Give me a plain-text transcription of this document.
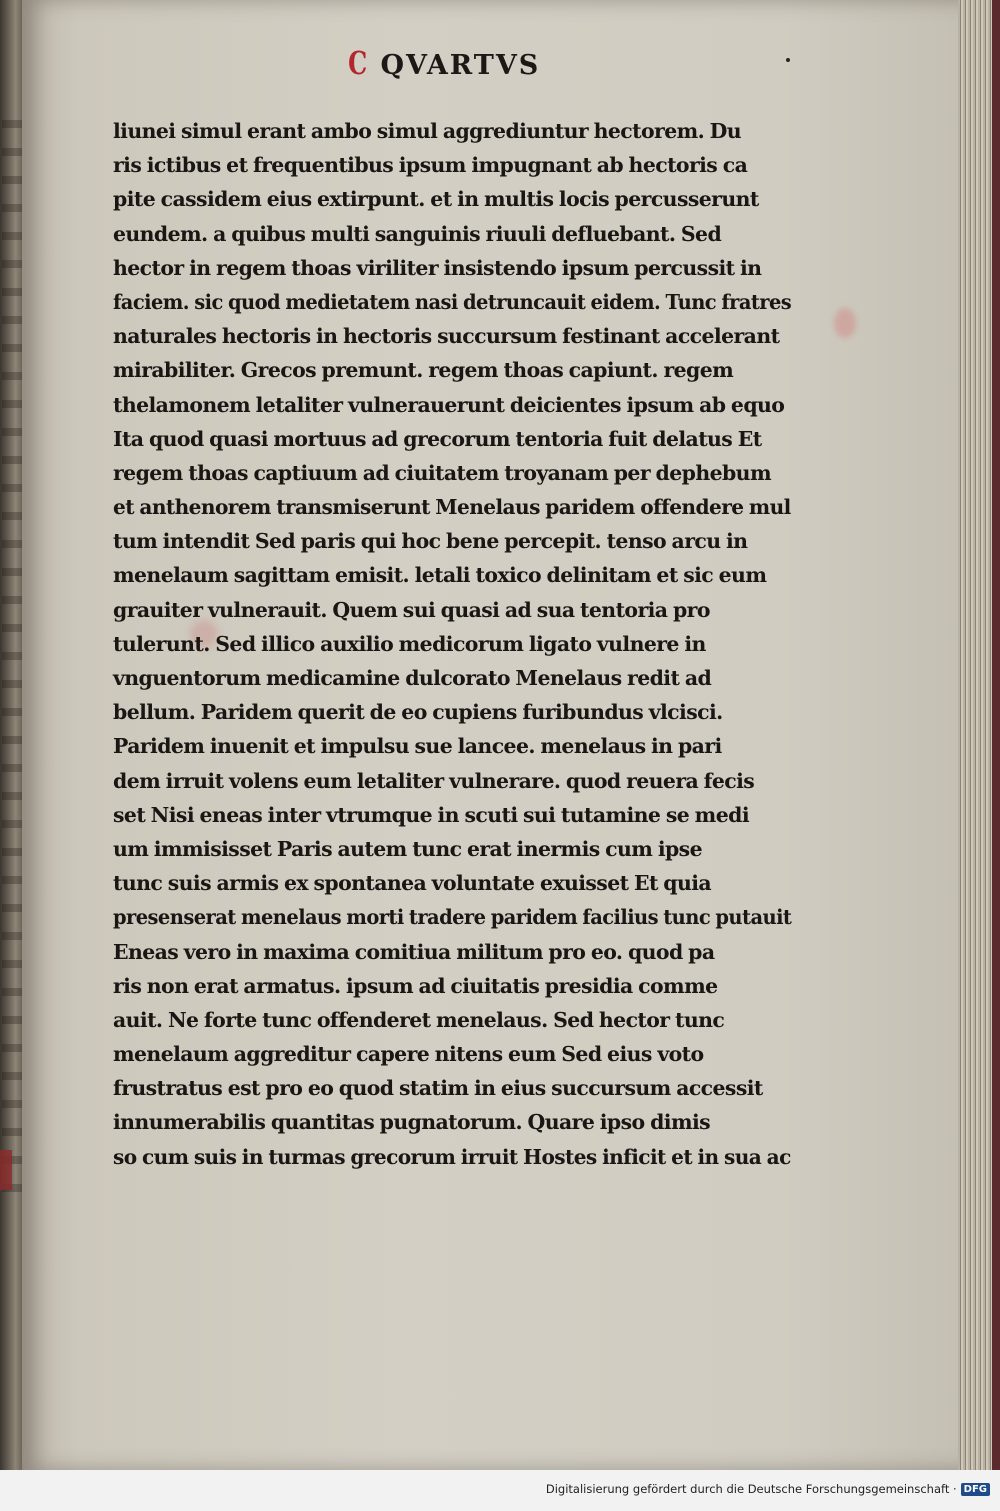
C QVARTVS
liunei simul erant ambo simul aggrediuntur hectorem. Du
ris ictibus et frequentibus ipsum impugnant ab hectoris ca
pite cassidem eius extirpunt. et in multis locis percusserunt
eundem. a quibus multi sanguinis riuuli defluebant. Sed
hector in regem thoas viriliter insistendo ipsum percussit in
faciem. sic quod medietatem nasi detruncauit eidem. Tunc fratres
naturales hectoris in hectoris succursum festinant accelerant
mirabiliter. Grecos premunt. regem thoas capiunt. regem
thelamonem letaliter vulnerauerunt deicientes ipsum ab equo
Ita quod quasi mortuus ad grecorum tentoria fuit delatus Et
regem thoas captiuum ad ciuitatem troyanam per dephebum
et anthenorem transmiserunt Menelaus paridem offendere mul
tum intendit Sed paris qui hoc bene percepit. tenso arcu in
menelaum sagittam emisit. letali toxico delinitam et sic eum
grauiter vulnerauit. Quem sui quasi ad sua tentoria pro
tulerunt. Sed illico auxilio medicorum ligato vulnere in
vnguentorum medicamine dulcorato Menelaus redit ad
bellum. Paridem querit de eo cupiens furibundus vlcisci.
Paridem inuenit et impulsu sue lancee. menelaus in pari
dem irruit volens eum letaliter vulnerare. quod reuera fecis
set Nisi eneas inter vtrumque in scuti sui tutamine se medi
um immisisset Paris autem tunc erat inermis cum ipse
tunc suis armis ex spontanea voluntate exuisset Et quia
presenserat menelaus morti tradere paridem facilius tunc putauit
Eneas vero in maxima comitiua militum pro eo. quod pa
ris non erat armatus. ipsum ad ciuitatis presidia comme
auit. Ne forte tunc offenderet menelaus. Sed hector tunc
menelaum aggreditur capere nitens eum Sed eius voto
frustratus est pro eo quod statim in eius succursum accessit
innumerabilis quantitas pugnatorum. Quare ipso dimis
so cum suis in turmas grecorum irruit Hostes inficit et in sua ac
Digitalisierung gefördert durch die Deutsche Forschungsgemeinschaft · DFG
